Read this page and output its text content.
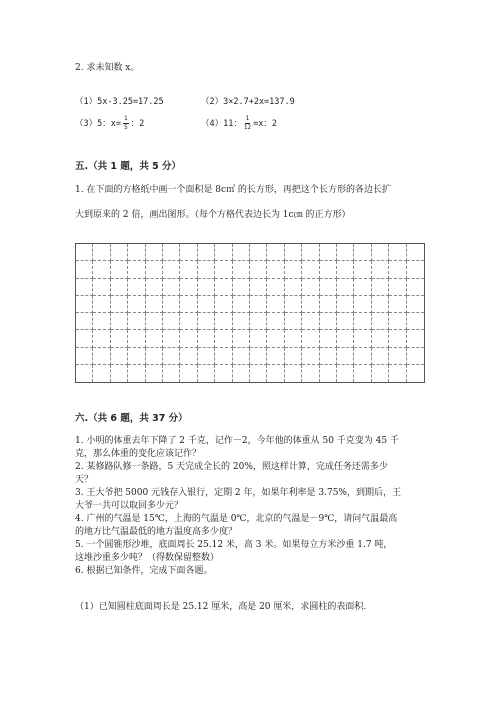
2. 求未知数 x。
（1）5x-3.25=17.25	（2）3×2.7+2x=137.9
（3）5：$x= \frac{1}{5}$ ：2	（4）11： $\frac{1}{12} =x$：2
五.（共 1 题，共 5 分）
1. 在下面的方格纸中画一个面积是 8c㎡ 的长方形，再把这个长方形的各边长扩
大到原来的 2 倍，画出图形。（每个方格代表边长为 1c㎝ 的正方形）
六.（共 6 题，共 37 分）
1. 小明的体重去年下降了 2 千克，记作－2，今年他的体重从 50 千克变为 45 千
克，那么体重的变化应该记作？
2. 某修路队修一条路，5 天完成全长的 20%，照这样计算，完成任务还需多少
天？
3. 王大爷把 5000 元钱存入银行，定期 2 年，如果年利率是 3.75%，到期后，王
大爷一共可以取回多少元？
4. 广州的气温是 15℃，上海的气温是 0℃，北京的气温是－9℃，请问气温最高
的地方比气温最低的地方温度高多少度？
5. 一个圆锥形沙堆，底面周长 25.12 米，高 3 米。如果每立方米沙重 1.7 吨，
这堆沙重多少吨？（得数保留整数）
6. 根据已知条件，完成下面各题。
（1）已知圆柱底面周长是 25.12 厘米，高是 20 厘米，求圆柱的表面积.
